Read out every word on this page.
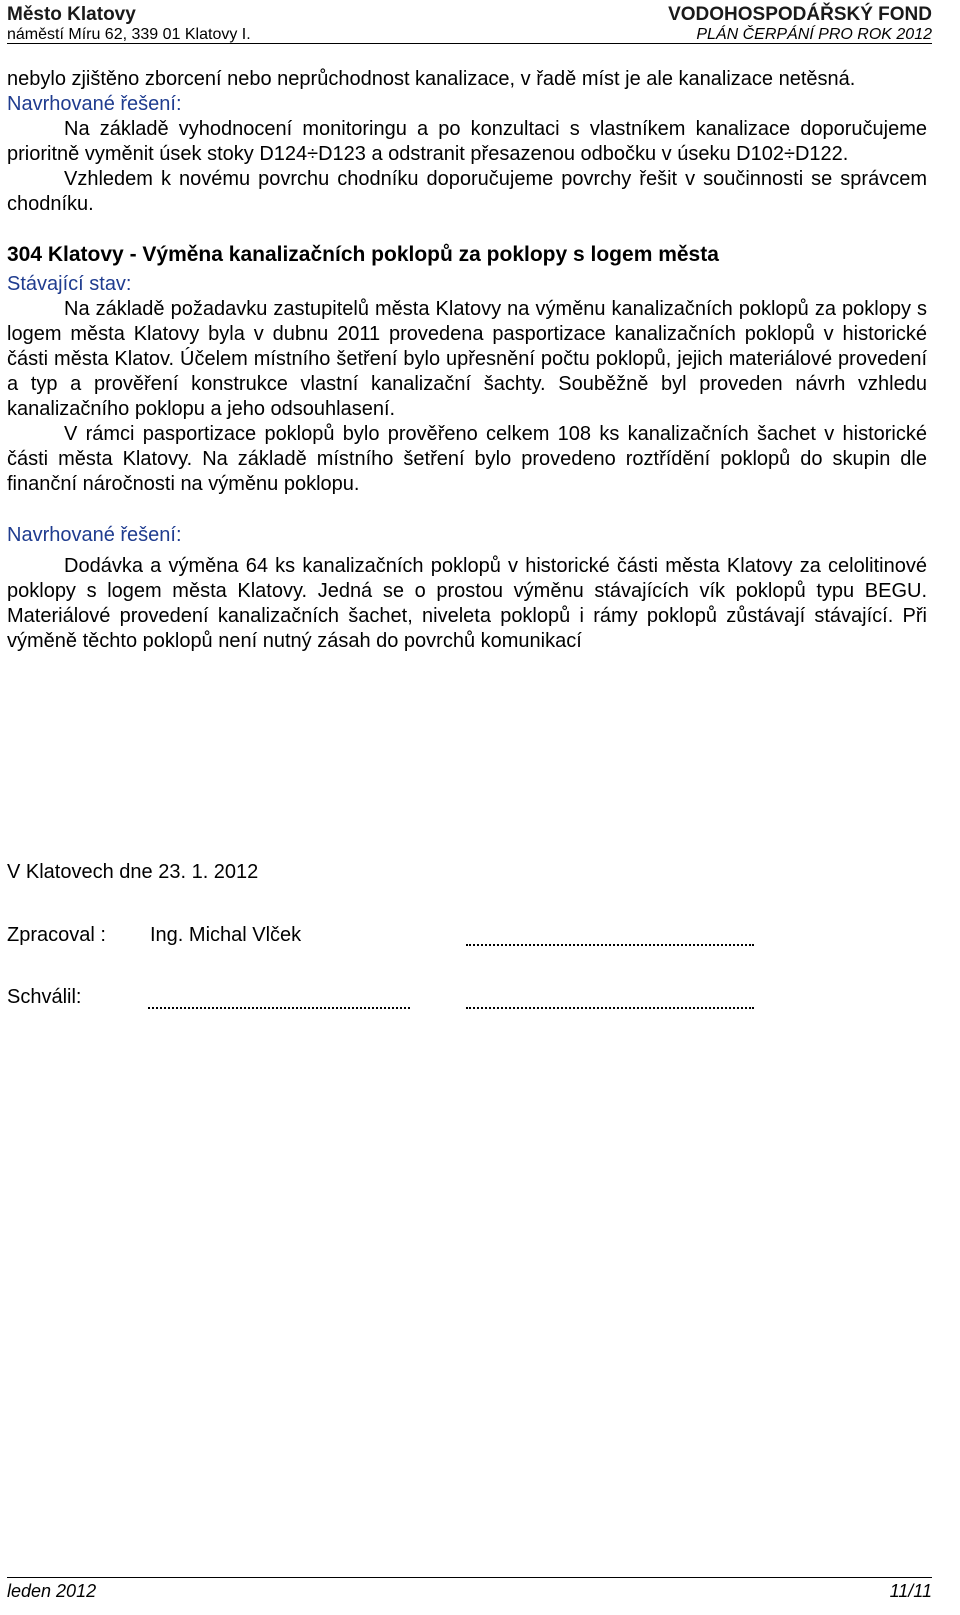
Město Klatovy
náměstí Míru 62, 339 01 Klatovy I.
VODOHOSPODÁŘSKÝ FOND
PLÁN ČERPÁNÍ PRO ROK 2012

nebylo zjištěno zborcení nebo neprůchodnost kanalizace, v řadě míst je ale kanalizace netěsná.

Navrhované řešení:

Na základě vyhodnocení monitoringu a po konzultaci s vlastníkem kanalizace doporučujeme prioritně vyměnit úsek stoky D124÷D123 a odstranit přesazenou odbočku v úseku D102÷D122.

Vzhledem k novému povrchu chodníku doporučujeme povrchy řešit v součinnosti se správcem chodníku.

304 Klatovy - Výměna kanalizačních poklopů za poklopy s logem města

Stávající stav:

Na základě požadavku zastupitelů města Klatovy na výměnu kanalizačních poklopů za poklopy s logem města Klatovy byla v dubnu 2011 provedena pasportizace kanalizačních poklopů v historické části města Klatov. Účelem místního šetření bylo upřesnění počtu poklopů, jejich materiálové provedení a typ a prověření konstrukce vlastní kanalizační šachty. Souběžně byl proveden návrh vzhledu kanalizačního poklopu a jeho odsouhlasení.

V rámci pasportizace poklopů bylo prověřeno celkem 108 ks kanalizačních šachet v historické části města Klatovy. Na základě místního šetření bylo provedeno roztřídění poklopů do skupin dle finanční náročnosti na výměnu poklopu.

Navrhované řešení:

Dodávka a výměna 64 ks kanalizačních poklopů v historické části města Klatovy za celolitinové poklopy s logem města Klatovy. Jedná se o prostou výměnu stávajících vík poklopů typu BEGU. Materiálové provedení kanalizačních šachet, niveleta poklopů i rámy poklopů zůstávají stávající. Při výměně těchto poklopů není nutný zásah do povrchů komunikací

V Klatovech dne 23. 1. 2012
Zpracoval : Ing. Michal Vlček
Schválil:
leden 2012	11/11
